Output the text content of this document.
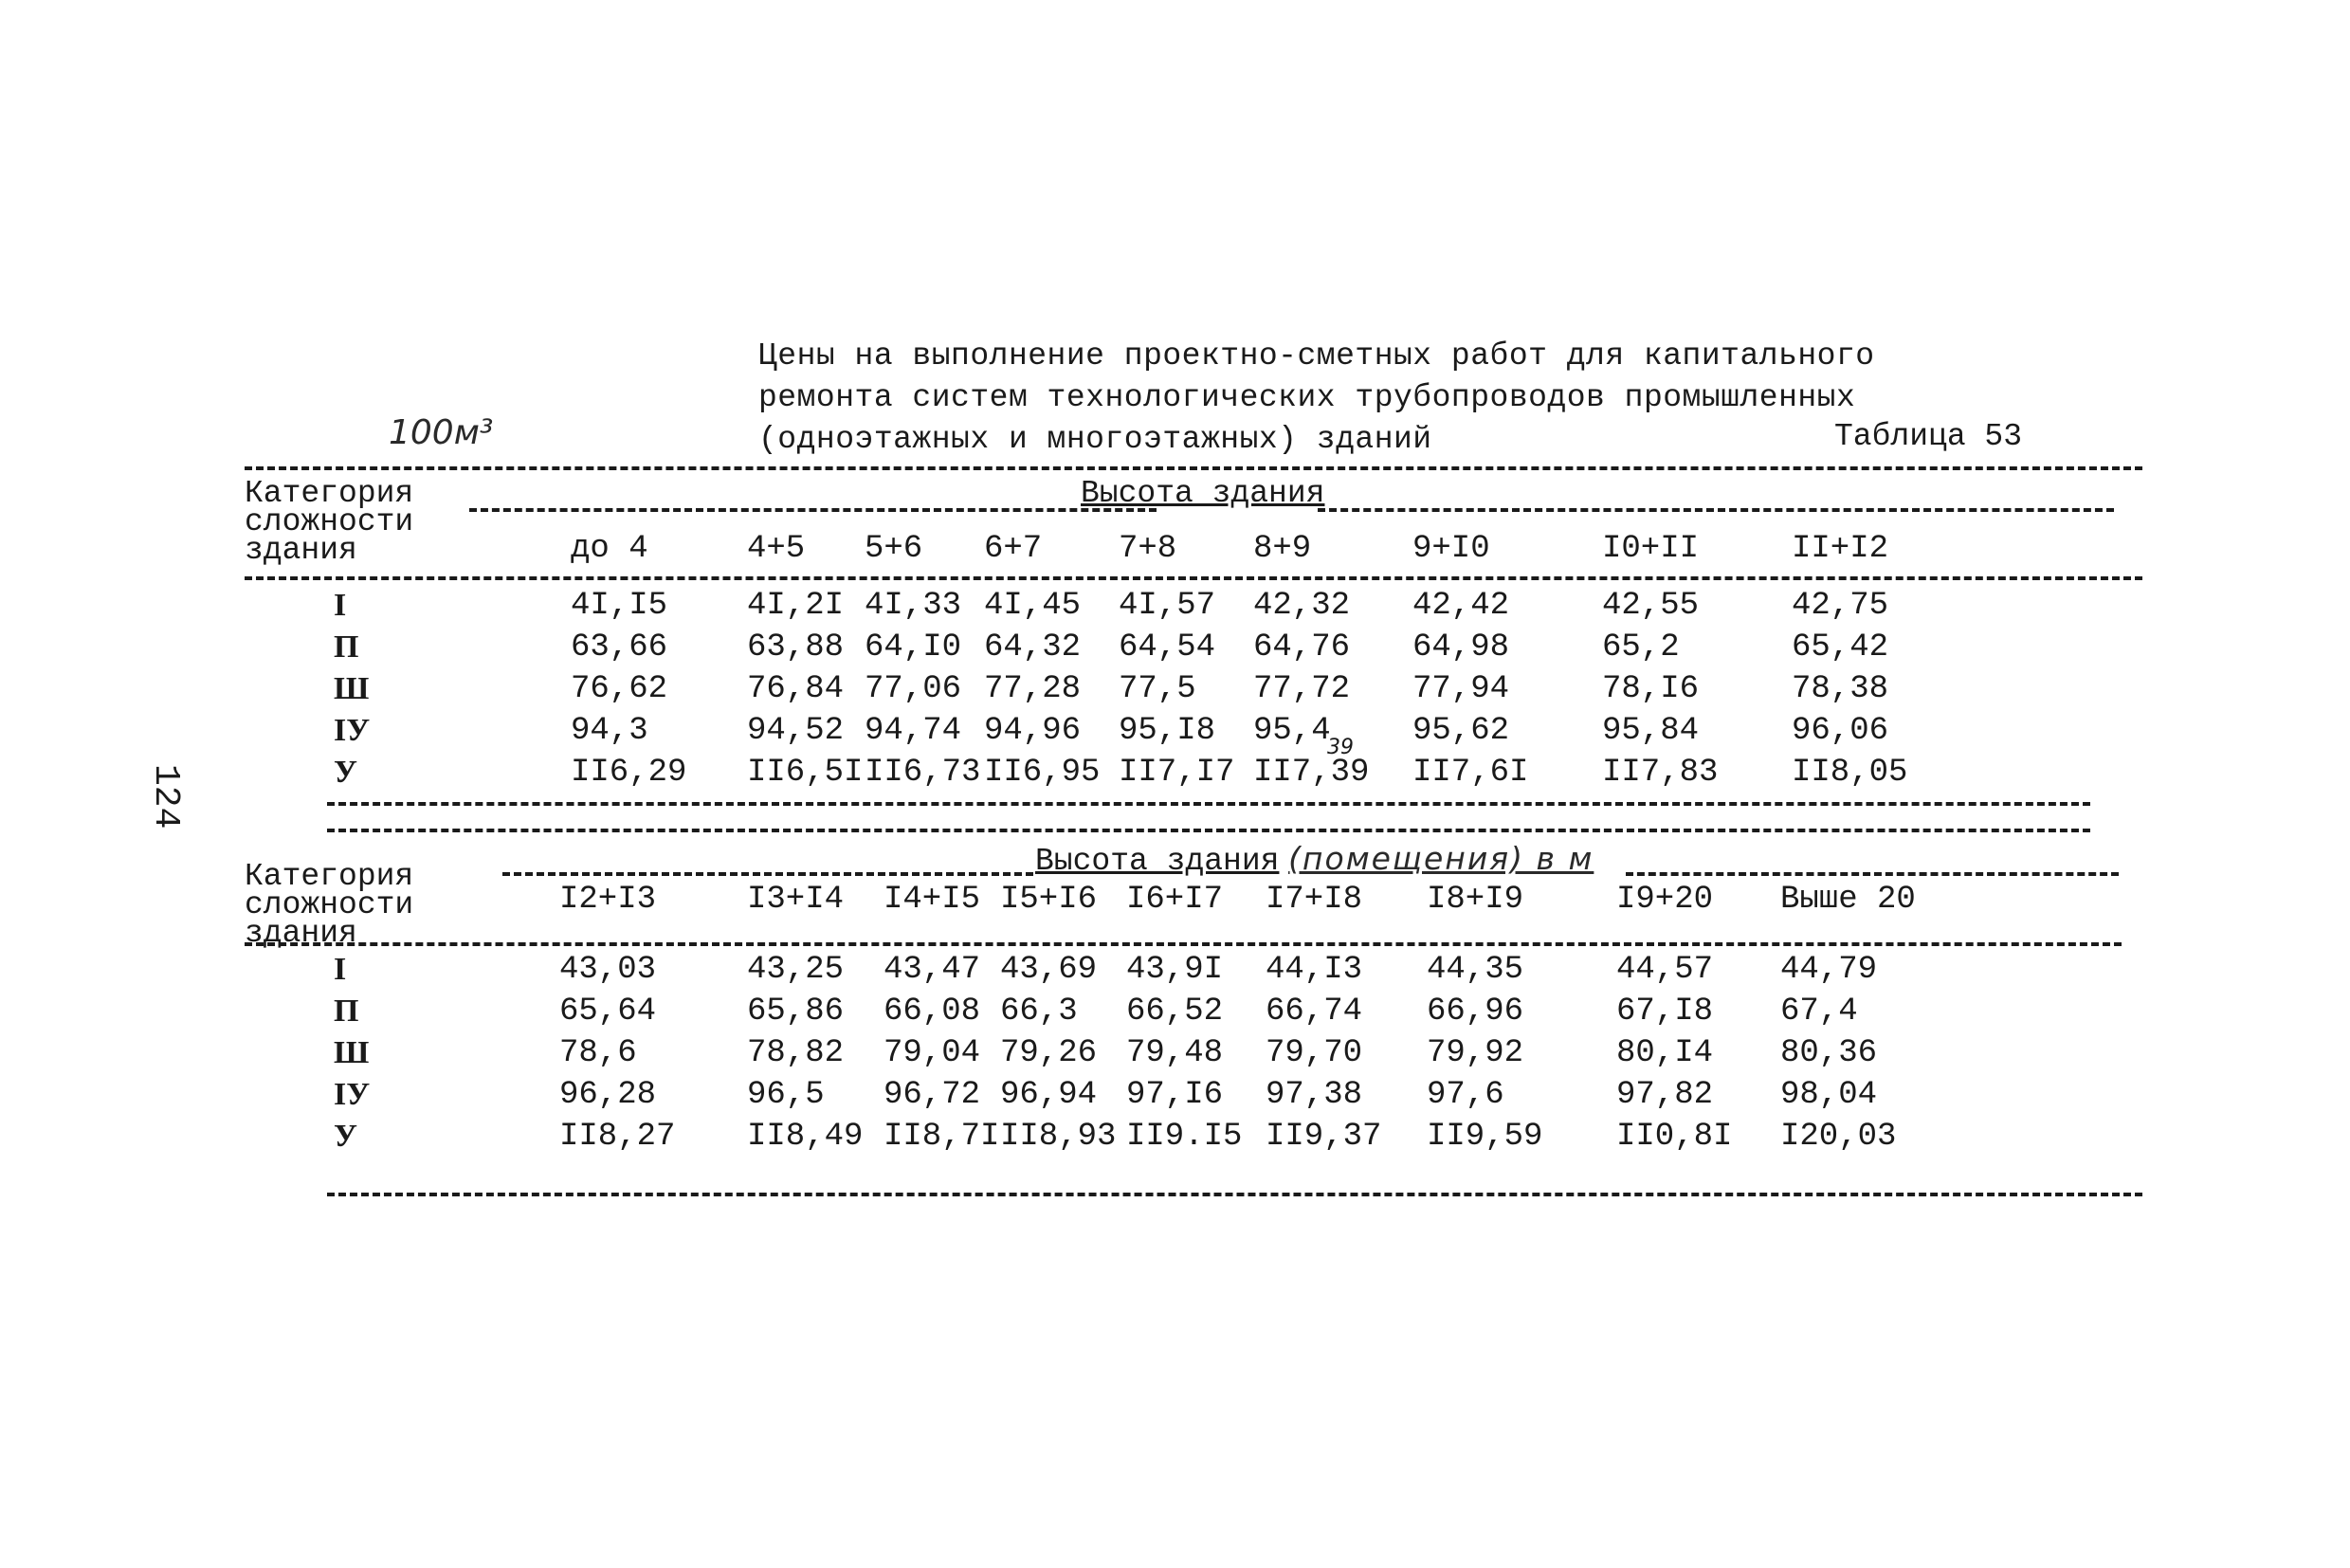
Цены на выполнение проектно-сметных работ для капитального
ремонта систем технологических трубопроводов промышленных
(одноэтажных и многоэтажных) зданий
100м³	Таблица 53
124
Категория
сложности
здания
Высота здания
до 4	4+5 5+6 6+7 7+8 8+9	9+I0	I0+II	II+I2
I	4I,I5 4I,2I 4I,33 4I,45 4I,57 42,32 42,42	42,55	42,75
П	63,66 63,88 64,I0 64,32 64,54 64,76 64,98	65,2	65,42
Ш	76,62 76,84 77,06 77,28 77,5 77,72 77,94	78,I6	78,38
IУ	94,3	94,52 94,74 94,96 95,I8 95,4	95,62	95,84	96,06
У	II6,29 II6,5I II6,73 II6,95 II7,I7 II7,39 II7,6I II7,83 II8,05
39
Категория
сложности
здания
Высота здания (помещения) в м
I2+I3	I3+I4 I4+I5 I5+I6 I6+I7 I7+I8 I8+I9	I9+20 Выше 20
I	43,03	43,25 43,47 43,69 43,9I 44,I3 44,35	44,57 44,79
П	65,64	65,86 66,08 66,3 66,52 66,74 66,96	67,I8 67,4
Ш	78,6	78,82 79,04 79,26 79,48 79,70 79,92	80,I4 80,36
IУ	96,28	96,5 96,72 96,94 97,I6 97,38 97,6	97,82 98,04
У	II8,27 II8,49 II8,7I II8,93 II9.I5 II9,37 II9,59 II0,8I I20,03
